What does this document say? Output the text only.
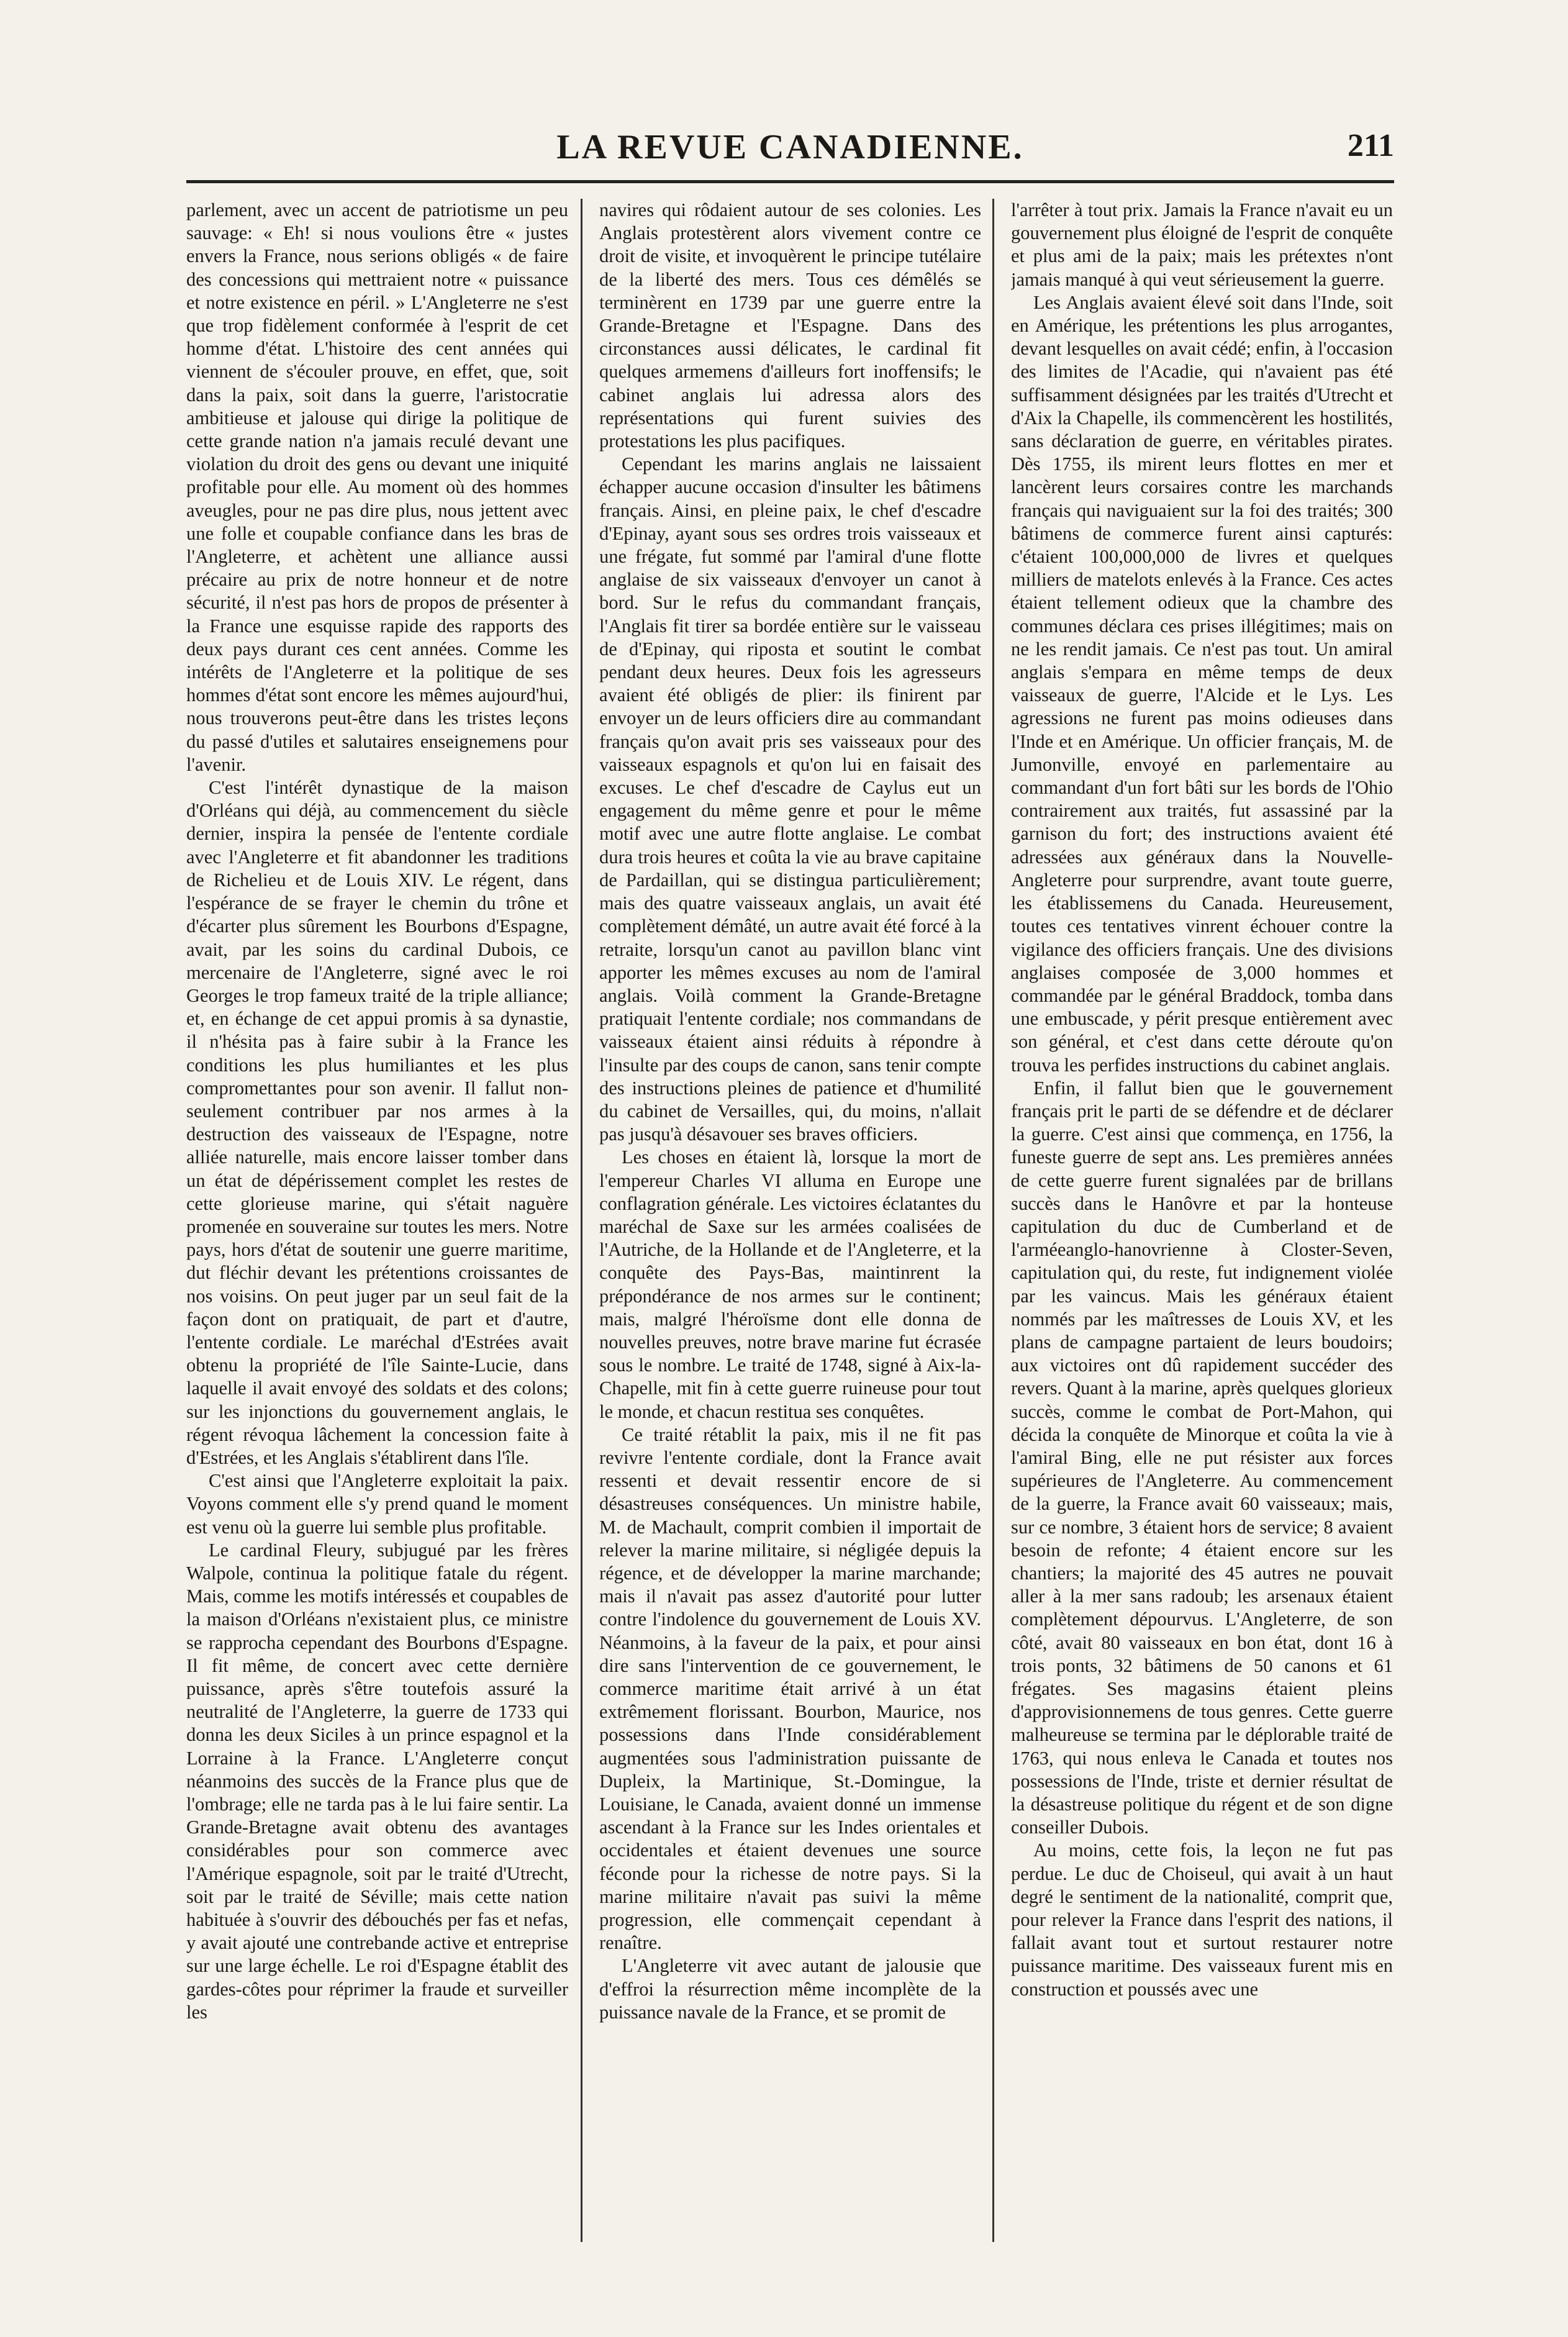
LA REVUE CANADIENNE.	211

parlement, avec un accent de patriotisme un peu sauvage: « Eh! si nous voulions être « justes envers la France, nous serions obligés « de faire des concessions qui mettraient notre « puissance et notre existence en péril. » L'Angleterre ne s'est que trop fidèlement conformée à l'esprit de cet homme d'état. L'histoire des cent années qui viennent de s'écouler prouve, en effet, que, soit dans la paix, soit dans la guerre, l'aristocratie ambitieuse et jalouse qui dirige la politique de cette grande nation n'a jamais reculé devant une violation du droit des gens ou devant une iniquité profitable pour elle. Au moment où des hommes aveugles, pour ne pas dire plus, nous jettent avec une folle et coupable confiance dans les bras de l'Angleterre, et achètent une alliance aussi précaire au prix de notre honneur et de notre sécurité, il n'est pas hors de propos de présenter à la France une esquisse rapide des rapports des deux pays durant ces cent années. Comme les intérêts de l'Angleterre et la politique de ses hommes d'état sont encore les mêmes aujourd'hui, nous trouverons peut-être dans les tristes leçons du passé d'utiles et salutaires enseignemens pour l'avenir.

C'est l'intérêt dynastique de la maison d'Orléans qui déjà, au commencement du siècle dernier, inspira la pensée de l'entente cordiale avec l'Angleterre et fit abandonner les traditions de Richelieu et de Louis XIV. Le régent, dans l'espérance de se frayer le chemin du trône et d'écarter plus sûrement les Bourbons d'Espagne, avait, par les soins du cardinal Dubois, ce mercenaire de l'Angleterre, signé avec le roi Georges le trop fameux traité de la triple alliance; et, en échange de cet appui promis à sa dynastie, il n'hésita pas à faire subir à la France les conditions les plus humiliantes et les plus compromettantes pour son avenir. Il fallut non-seulement contribuer par nos armes à la destruction des vaisseaux de l'Espagne, notre alliée naturelle, mais encore laisser tomber dans un état de dépérissement complet les restes de cette glorieuse marine, qui s'était naguère promenée en souveraine sur toutes les mers. Notre pays, hors d'état de soutenir une guerre maritime, dut fléchir devant les prétentions croissantes de nos voisins. On peut juger par un seul fait de la façon dont on pratiquait, de part et d'autre, l'entente cordiale. Le maréchal d'Estrées avait obtenu la propriété de l'île Sainte-Lucie, dans laquelle il avait envoyé des soldats et des colons; sur les injonctions du gouvernement anglais, le régent révoqua lâchement la concession faite à d'Estrées, et les Anglais s'établirent dans l'île.

C'est ainsi que l'Angleterre exploitait la paix. Voyons comment elle s'y prend quand le moment est venu où la guerre lui semble plus profitable.

Le cardinal Fleury, subjugué par les frères Walpole, continua la politique fatale du régent. Mais, comme les motifs intéressés et coupables de la maison d'Orléans n'existaient plus, ce ministre se rapprocha cependant des Bourbons d'Espagne. Il fit même, de concert avec cette dernière puissance, après s'être toutefois assuré la neutralité de l'Angleterre, la guerre de 1733 qui donna les deux Siciles à un prince espagnol et la Lorraine à la France. L'Angleterre conçut néanmoins des succès de la France plus que de l'ombrage; elle ne tarda pas à le lui faire sentir. La Grande-Bretagne avait obtenu des avantages considérables pour son commerce avec l'Amérique espagnole, soit par le traité d'Utrecht, soit par le traité de Séville; mais cette nation habituée à s'ouvrir des débouchés per fas et nefas, y avait ajouté une contrebande active et entreprise sur une large échelle. Le roi d'Espagne établit des gardes-côtes pour réprimer la fraude et surveiller les

navires qui rôdaient autour de ses colonies. Les Anglais protestèrent alors vivement contre ce droit de visite, et invoquèrent le principe tutélaire de la liberté des mers. Tous ces démêlés se terminèrent en 1739 par une guerre entre la Grande-Bretagne et l'Espagne. Dans des circonstances aussi délicates, le cardinal fit quelques armemens d'ailleurs fort inoffensifs; le cabinet anglais lui adressa alors des représentations qui furent suivies des protestations les plus pacifiques.

Cependant les marins anglais ne laissaient échapper aucune occasion d'insulter les bâtimens français. Ainsi, en pleine paix, le chef d'escadre d'Epinay, ayant sous ses ordres trois vaisseaux et une frégate, fut sommé par l'amiral d'une flotte anglaise de six vaisseaux d'envoyer un canot à bord. Sur le refus du commandant français, l'Anglais fit tirer sa bordée entière sur le vaisseau de d'Epinay, qui riposta et soutint le combat pendant deux heures. Deux fois les agresseurs avaient été obligés de plier: ils finirent par envoyer un de leurs officiers dire au commandant français qu'on avait pris ses vaisseaux pour des vaisseaux espagnols et qu'on lui en faisait des excuses. Le chef d'escadre de Caylus eut un engagement du même genre et pour le même motif avec une autre flotte anglaise. Le combat dura trois heures et coûta la vie au brave capitaine de Pardaillan, qui se distingua particulièrement; mais des quatre vaisseaux anglais, un avait été complètement démâté, un autre avait été forcé à la retraite, lorsqu'un canot au pavillon blanc vint apporter les mêmes excuses au nom de l'amiral anglais. Voilà comment la Grande-Bretagne pratiquait l'entente cordiale; nos commandans de vaisseaux étaient ainsi réduits à répondre à l'insulte par des coups de canon, sans tenir compte des instructions pleines de patience et d'humilité du cabinet de Versailles, qui, du moins, n'allait pas jusqu'à désavouer ses braves officiers.

Les choses en étaient là, lorsque la mort de l'empereur Charles VI alluma en Europe une conflagration générale. Les victoires éclatantes du maréchal de Saxe sur les armées coalisées de l'Autriche, de la Hollande et de l'Angleterre, et la conquête des Pays-Bas, maintinrent la prépondérance de nos armes sur le continent; mais, malgré l'héroïsme dont elle donna de nouvelles preuves, notre brave marine fut écrasée sous le nombre. Le traité de 1748, signé à Aix-la-Chapelle, mit fin à cette guerre ruineuse pour tout le monde, et chacun restitua ses conquêtes.

Ce traité rétablit la paix, mis il ne fit pas revivre l'entente cordiale, dont la France avait ressenti et devait ressentir encore de si désastreuses conséquences. Un ministre habile, M. de Machault, comprit combien il importait de relever la marine militaire, si négligée depuis la régence, et de développer la marine marchande; mais il n'avait pas assez d'autorité pour lutter contre l'indolence du gouvernement de Louis XV. Néanmoins, à la faveur de la paix, et pour ainsi dire sans l'intervention de ce gouvernement, le commerce maritime était arrivé à un état extrêmement florissant. Bourbon, Maurice, nos possessions dans l'Inde considérablement augmentées sous l'administration puissante de Dupleix, la Martinique, St.-Domingue, la Louisiane, le Canada, avaient donné un immense ascendant à la France sur les Indes orientales et occidentales et étaient devenues une source féconde pour la richesse de notre pays. Si la marine militaire n'avait pas suivi la même progression, elle commençait cependant à renaître.

L'Angleterre vit avec autant de jalousie que d'effroi la résurrection même incomplète de la puissance navale de la France, et se promit de

l'arrêter à tout prix. Jamais la France n'avait eu un gouvernement plus éloigné de l'esprit de conquête et plus ami de la paix; mais les prétextes n'ont jamais manqué à qui veut sérieusement la guerre.

Les Anglais avaient élevé soit dans l'Inde, soit en Amérique, les prétentions les plus arrogantes, devant lesquelles on avait cédé; enfin, à l'occasion des limites de l'Acadie, qui n'avaient pas été suffisamment désignées par les traités d'Utrecht et d'Aix la Chapelle, ils commencèrent les hostilités, sans déclaration de guerre, en véritables pirates. Dès 1755, ils mirent leurs flottes en mer et lancèrent leurs corsaires contre les marchands français qui naviguaient sur la foi des traités; 300 bâtimens de commerce furent ainsi capturés: c'étaient 100,000,000 de livres et quelques milliers de matelots enlevés à la France. Ces actes étaient tellement odieux que la chambre des communes déclara ces prises illégitimes; mais on ne les rendit jamais. Ce n'est pas tout. Un amiral anglais s'empara en même temps de deux vaisseaux de guerre, l'Alcide et le Lys. Les agressions ne furent pas moins odieuses dans l'Inde et en Amérique. Un officier français, M. de Jumonville, envoyé en parlementaire au commandant d'un fort bâti sur les bords de l'Ohio contrairement aux traités, fut assassiné par la garnison du fort; des instructions avaient été adressées aux généraux dans la Nouvelle-Angleterre pour surprendre, avant toute guerre, les établissemens du Canada. Heureusement, toutes ces tentatives vinrent échouer contre la vigilance des officiers français. Une des divisions anglaises composée de 3,000 hommes et commandée par le général Braddock, tomba dans une embuscade, y périt presque entièrement avec son général, et c'est dans cette déroute qu'on trouva les perfides instructions du cabinet anglais.

Enfin, il fallut bien que le gouvernement français prit le parti de se défendre et de déclarer la guerre. C'est ainsi que commença, en 1756, la funeste guerre de sept ans. Les premières années de cette guerre furent signalées par de brillans succès dans le Hanôvre et par la honteuse capitulation du duc de Cumberland et de l'arméeanglo-hanovrienne à Closter-Seven, capitulation qui, du reste, fut indignement violée par les vaincus. Mais les généraux étaient nommés par les maîtresses de Louis XV, et les plans de campagne partaient de leurs boudoirs; aux victoires ont dû rapidement succéder des revers. Quant à la marine, après quelques glorieux succès, comme le combat de Port-Mahon, qui décida la conquête de Minorque et coûta la vie à l'amiral Bing, elle ne put résister aux forces supérieures de l'Angleterre. Au commencement de la guerre, la France avait 60 vaisseaux; mais, sur ce nombre, 3 étaient hors de service; 8 avaient besoin de refonte; 4 étaient encore sur les chantiers; la majorité des 45 autres ne pouvait aller à la mer sans radoub; les arsenaux étaient complètement dépourvus. L'Angleterre, de son côté, avait 80 vaisseaux en bon état, dont 16 à trois ponts, 32 bâtimens de 50 canons et 61 frégates. Ses magasins étaient pleins d'approvisionnemens de tous genres. Cette guerre malheureuse se termina par le déplorable traité de 1763, qui nous enleva le Canada et toutes nos possessions de l'Inde, triste et dernier résultat de la désastreuse politique du régent et de son digne conseiller Dubois.

Au moins, cette fois, la leçon ne fut pas perdue. Le duc de Choiseul, qui avait à un haut degré le sentiment de la nationalité, comprit que, pour relever la France dans l'esprit des nations, il fallait avant tout et surtout restaurer notre puissance maritime. Des vaisseaux furent mis en construction et poussés avec une
